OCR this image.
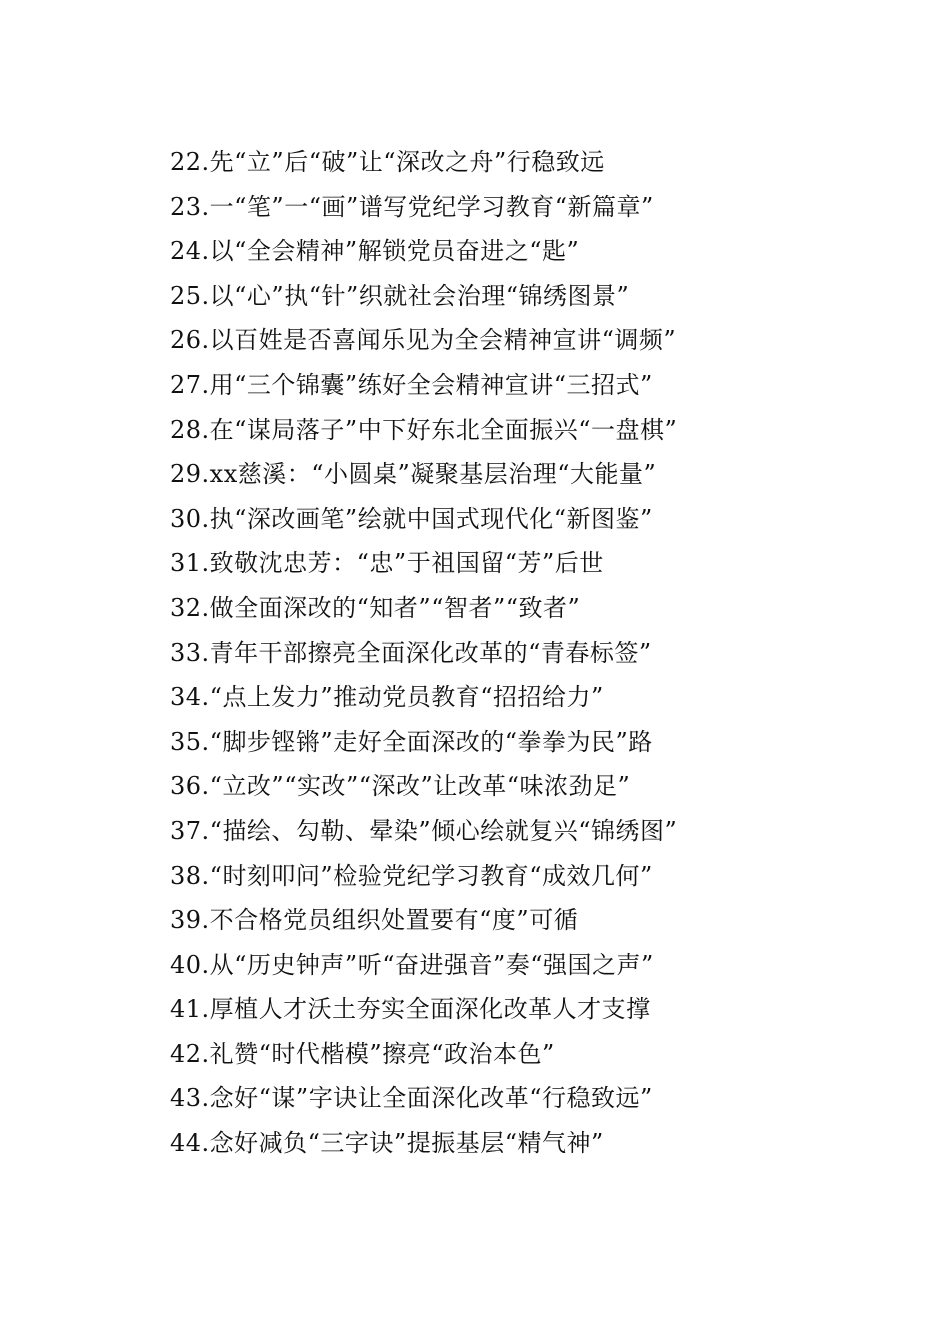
22.先“立”后“破”让“深改之舟”行稳致远
23.一“笔”一“画”谱写党纪学习教育“新篇章”
24.以“全会精神”解锁党员奋进之“匙”
25.以“心”执“针”织就社会治理“锦绣图景”
26.以百姓是否喜闻乐见为全会精神宣讲“调频”
27.用“三个锦囊”练好全会精神宣讲“三招式”
28.在“谋局落子”中下好东北全面振兴“一盘棋”
29.xx慈溪：“小圆桌”凝聚基层治理“大能量”
30.执“深改画笔”绘就中国式现代化“新图鉴”
31.致敬沈忠芳：“忠”于祖国留“芳”后世
32.做全面深改的“知者”“智者”“致者”
33.青年干部擦亮全面深化改革的“青春标签”
34.“点上发力”推动党员教育“招招给力”
35.“脚步铿锵”走好全面深改的“拳拳为民”路
36.“立改”“实改”“深改”让改革“味浓劲足”
37.“描绘、勾勒、晕染”倾心绘就复兴“锦绣图”
38.“时刻叩问”检验党纪学习教育“成效几何”
39.不合格党员组织处置要有“度”可循
40.从“历史钟声”听“奋进强音”奏“强国之声”
41.厚植人才沃土夯实全面深化改革人才支撑
42.礼赞“时代楷模”擦亮“政治本色”
43.念好“谋”字诀让全面深化改革“行稳致远”
44.念好减负“三字诀”提振基层“精气神”
